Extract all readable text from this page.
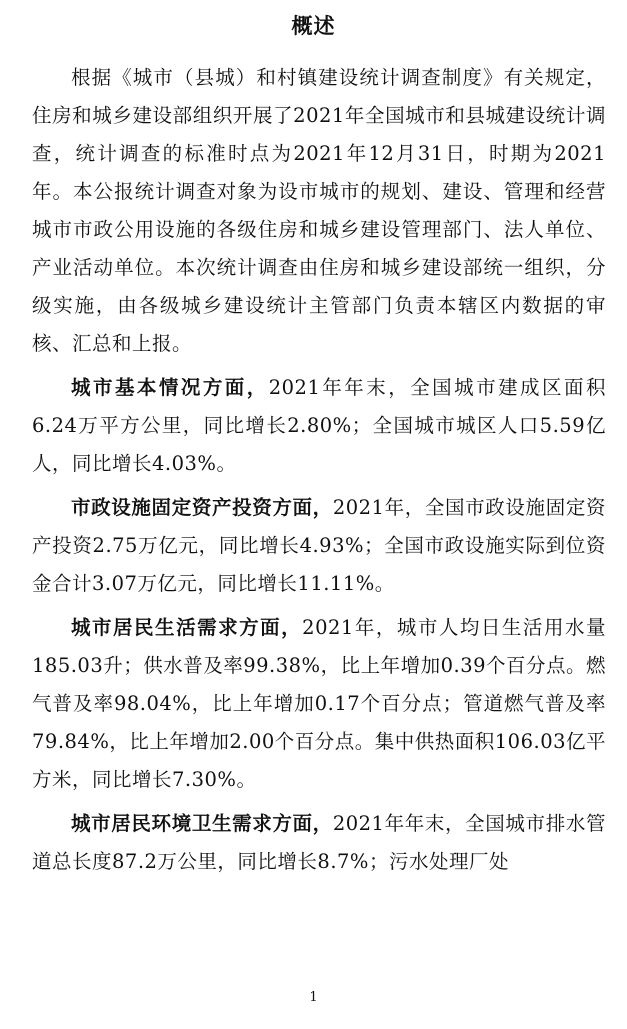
概述

根据《城市（县城）和村镇建设统计调查制度》有关规定，住房和城乡建设部组织开展了2021年全国城市和县城建设统计调查，统计调查的标准时点为2021年12月31日，时期为2021年。本公报统计调查对象为设市城市的规划、建设、管理和经营城市市政公用设施的各级住房和城乡建设管理部门、法人单位、产业活动单位。本次统计调查由住房和城乡建设部统一组织，分级实施，由各级城乡建设统计主管部门负责本辖区内数据的审核、汇总和上报。

城市基本情况方面，2021年年末，全国城市建成区面积6.24万平方公里，同比增长2.80%；全国城市城区人口5.59亿人，同比增长4.03%。

市政设施固定资产投资方面，2021年，全国市政设施固定资产投资2.75万亿元，同比增长4.93%；全国市政设施实际到位资金合计3.07万亿元，同比增长11.11%。

城市居民生活需求方面，2021年，城市人均日生活用水量185.03升；供水普及率99.38%，比上年增加0.39个百分点。燃气普及率98.04%，比上年增加0.17个百分点；管道燃气普及率79.84%，比上年增加2.00个百分点。集中供热面积106.03亿平方米，同比增长7.30%。

城市居民环境卫生需求方面，2021年年末，全国城市排水管道总长度87.2万公里，同比增长8.7%；污水处理厂处

1
